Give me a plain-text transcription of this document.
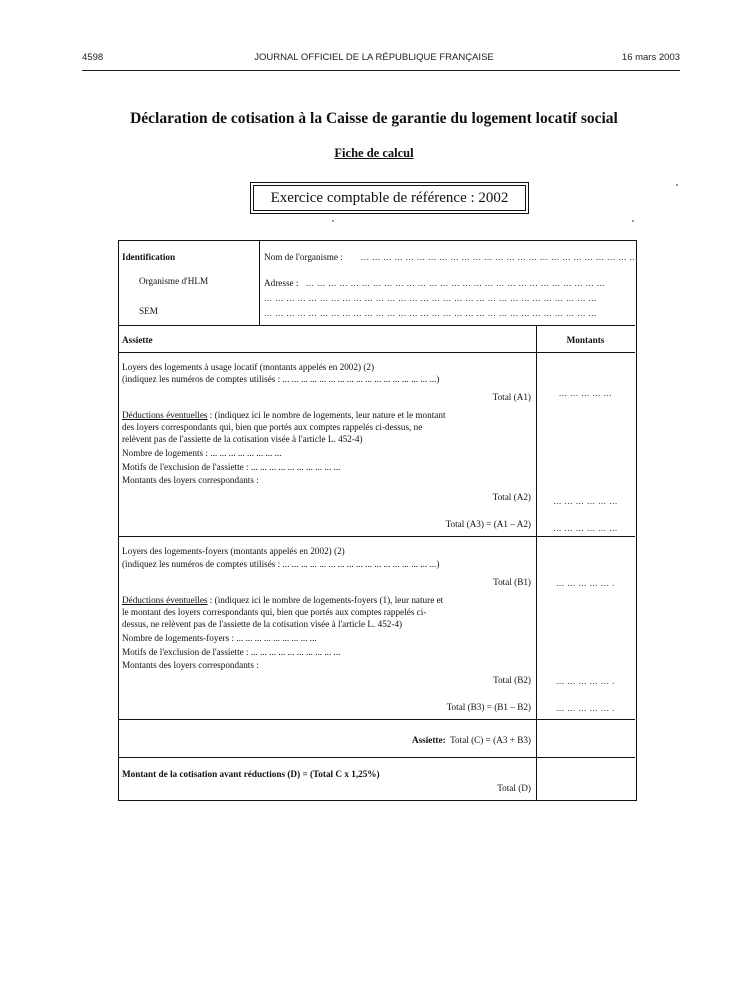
4598	JOURNAL OFFICIEL DE LA RÉPUBLIQUE FRANÇAISE	16 mars 2003
Déclaration de cotisation à la Caisse de garantie du logement locatif social
Fiche de calcul
Exercice comptable de référence : 2002
Identification
Organisme d'HLM
SEM
Nom de l'organisme : ... ... ... ... ... ... ... ... ... ... ... ... ... ... ... ... ... ... ... ... ... ... ... ... ...
Adresse : ... ... ... ... ... ... ... ... ... ... ... ... ... ... ... ... ... ... ... ... ... ... ... ... ... ... ...
... ... ... ... ... ... ... ... ... ... ... ... ... ... ... ... ... ... ... ... ... ... ... ... ... ... ... ... ... ...
... ... ... ... ... ... ... ... ... ... ... ... ... ... ... ... ... ... ... ... ... ... ... ... ... ... ... ... ... ...
Assiette	Montants
Loyers des logements à usage locatif (montants appelés en 2002) (2)
(indiquez les numéros de comptes utilisés : ... ... ... ... ... ... ... ... ... ... ... ... ... ... ... ... ...)
Total (A1)	... ... ... ... ...
Déductions éventuelles : (indiquez ici le nombre de logements, leur nature et le montant
des loyers correspondants qui, bien que portés aux comptes rappelés ci-dessus, ne
relèvent pas de l'assiette de la cotisation visée à l'article L. 452-4)
Nombre de logements : ... ... ... ... ... ... ... ...
Motifs de l'exclusion de l'assiette : ... ... ... ... ... ... ... ... ... ...
Montants des loyers correspondants :
Total (A2)	... ... ... ... ... ...
Total (A3) = (A1 – A2)	... ... ... ... ... ...
Loyers des logements-foyers (montants appelés en 2002) (2)
(indiquez les numéros de comptes utilisés : ... ... ... ... ... ... ... ... ... ... ... ... ... ... ... ... ...)
Total (B1)	... ... ... ... ... .
Déductions éventuelles : (indiquez ici le nombre de logements-foyers (1), leur nature et
le montant des loyers correspondants qui, bien que portés aux comptes rappelés ci-
dessus, ne relèvent pas de l'assiette de la cotisation visée à l'article L. 452-4)
Nombre de logements-foyers : ... ... ... ... ... ... ... ... ...
Motifs de l'exclusion de l'assiette : ... ... ... ... ... ... ... ... ... ...
Montants des loyers correspondants :
Total (B2)	... ... ... ... ... .
Total (B3) = (B1 – B2)	... ... ... ... ... .
Assiette: Total (C) = (A3 + B3)
Montant de la cotisation avant réductions (D) = (Total C x 1,25%)
Total (D)
